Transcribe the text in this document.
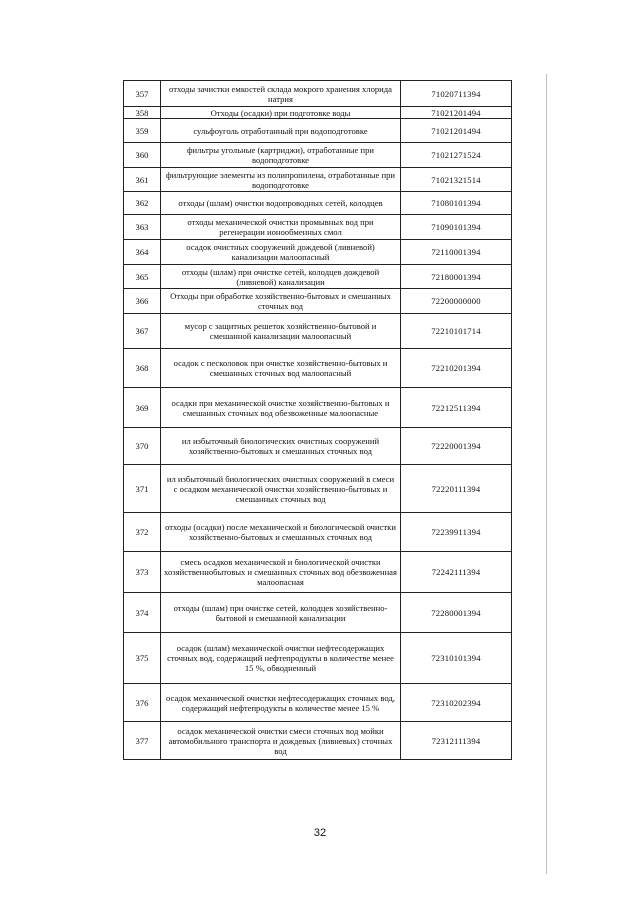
357	отходы зачистки емкостей склада мокрого хранения хлорида натрия	71020711394
358	Отходы (осадки) при подготовке воды	71021201494
359	сульфоуголь отработанный при водоподготовке	71021201494
360	фильтры угольные (картриджи), отработанные при водоподготовке	71021271524
361	фильтрующие элементы из полипропилена, отработанные при водоподготовке	71021321514
362	отходы (шлам) очистки водопроводных сетей, колодцев	71080101394
363	отходы механической очистки промывных вод при регенерации ионообменных смол	71090101394
364	осадок очистных сооружений дождевой (ливневой) канализации малоопасный	72110001394
365	отходы (шлам) при очистке сетей, колодцев дождевой (ливневой) канализации	72180001394
366	Отходы при обработке хозяйственно-бытовых и смешанных сточных вод	72200000000
367	мусор с защитных решеток хозяйственно-бытовой и смешанной канализации малоопасный	72210101714
368	осадок с песколовок при очистке хозяйственно-бытовых и смешанных сточных вод малоопасный	72210201394
369	осадки при механической очистке хозяйственно-бытовых и смешанных сточных вод обезвоженные малоопасные	72212511394
370	ил избыточный биологических очистных сооружений хозяйственно-бытовых и смешанных сточных вод	72220001394
371	ил избыточный биологических очистных сооружений в смеси с осадком механической очистки хозяйственно-бытовых и смешанных сточных вод	72220111394
372	отходы (осадки) после механической и биологической очистки хозяйственно-бытовых и смешанных сточных вод	72239911394
373	смесь осадков механической и биологической очистки хозяйственнобытовых и смешанных сточных вод обезвоженная малоопасная	72242111394
374	отходы (шлам) при очистке сетей, колодцев хозяйственно-бытовой и смешанной канализации	72280001394
375	осадок (шлам) механической очистки нефтесодержащих сточных вод, содержащий нефтепродукты в количестве менее 15 %, обводненный	72310101394
376	осадок механической очистки нефтесодержащих сточных вод, содержащий нефтепродукты в количестве менее 15 %	72310202394
377	осадок механической очистки смеси сточных вод мойки автомобильного транспорта и дождевых (ливневых) сточных вод	72312111394
32
